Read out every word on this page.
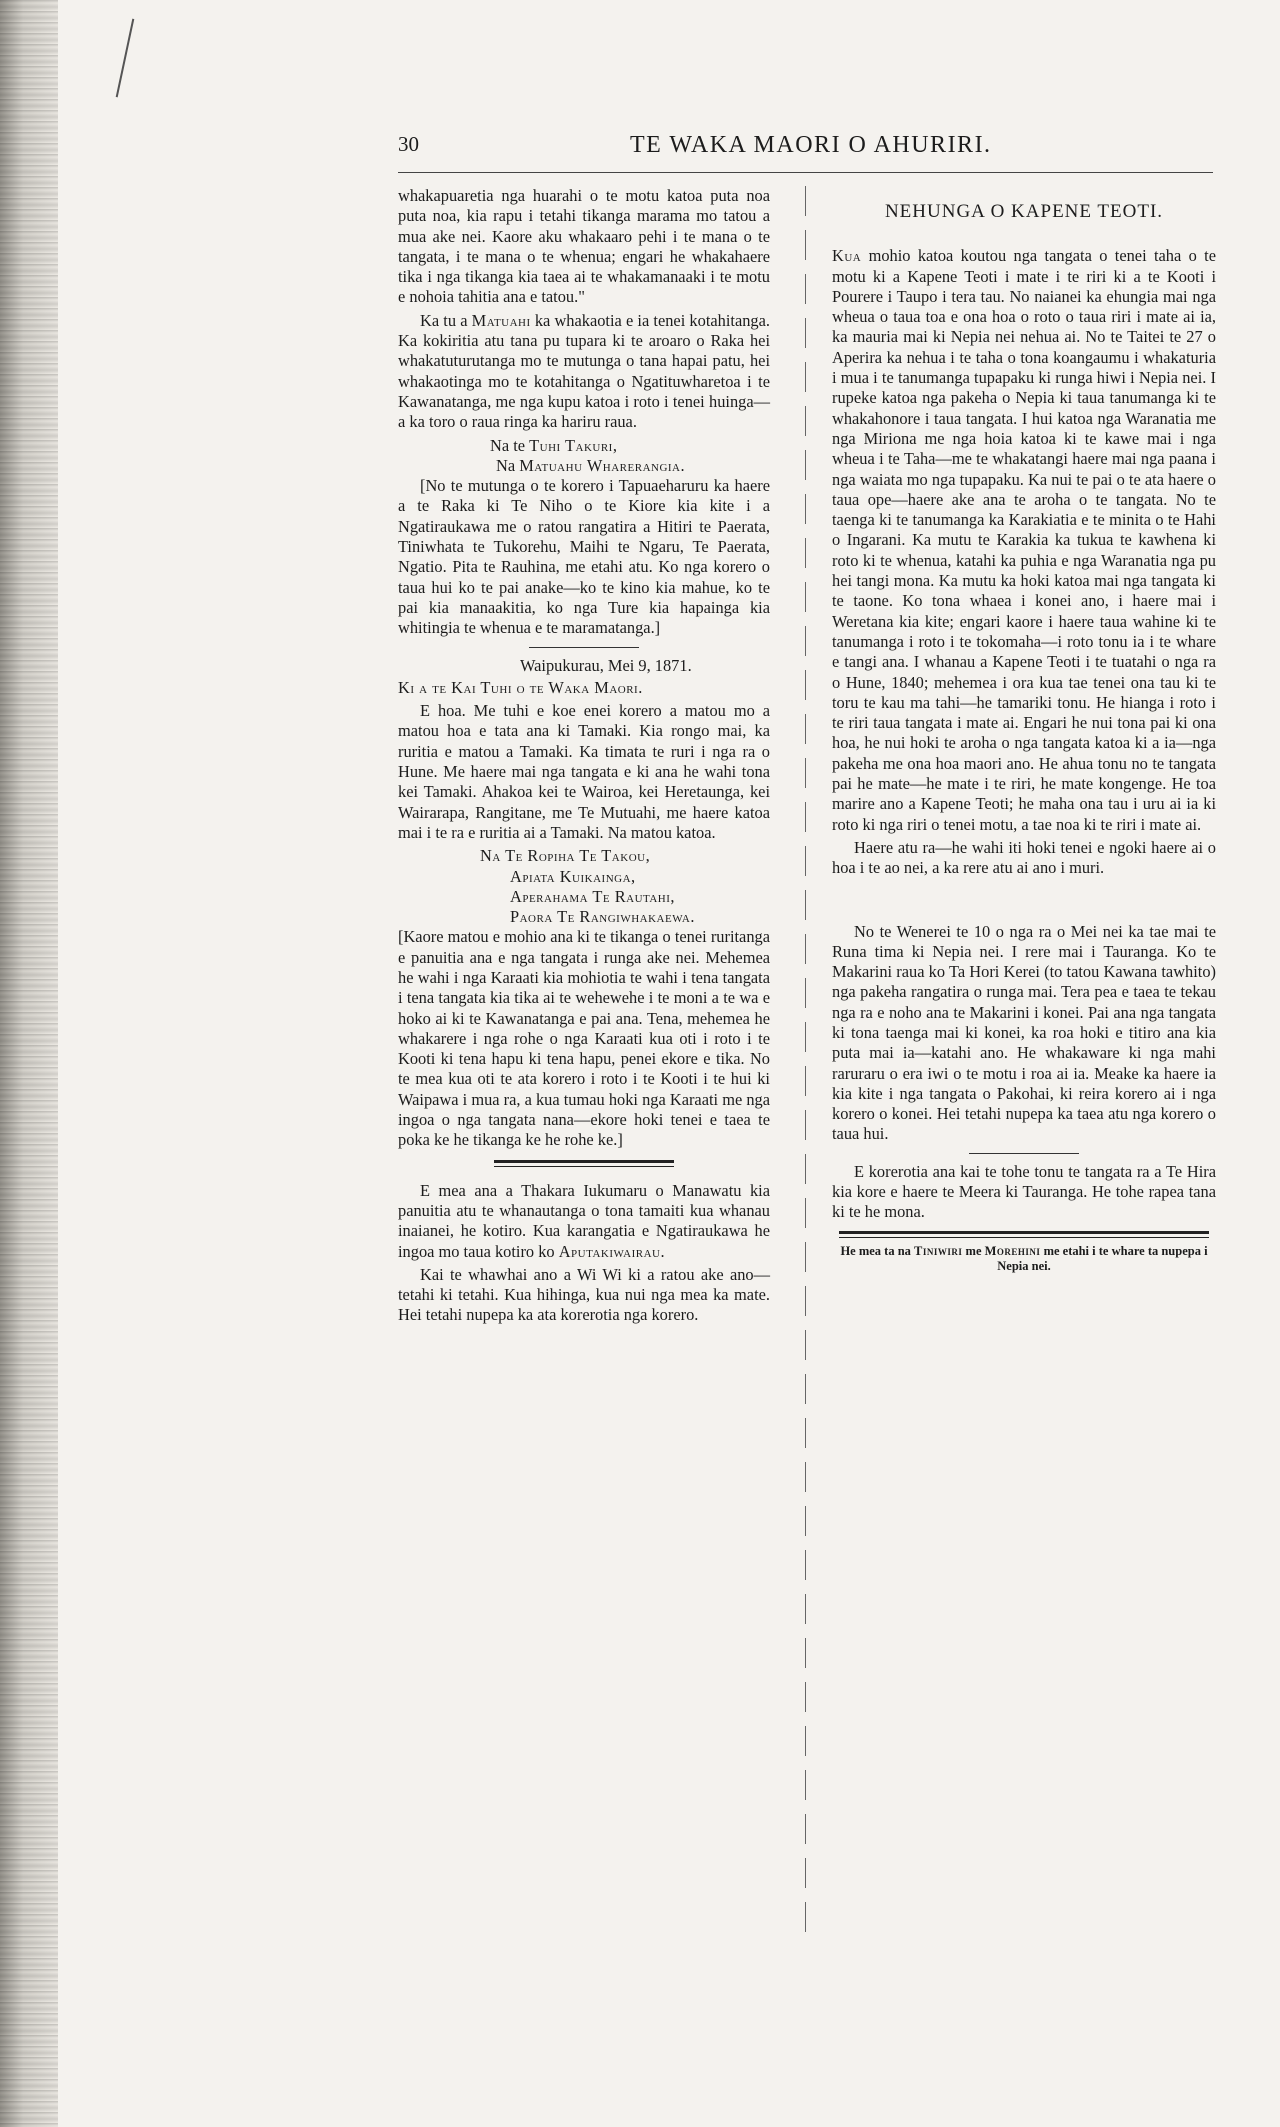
30	TE WAKA MAORI O AHURIRI.

whakapuaretia nga huarahi o te motu katoa puta noa puta noa, kia rapu i tetahi tikanga marama mo tatou a mua ake nei. Kaore aku whakaaro pehi i te mana o te tangata, i te mana o te whenua; engari he whakahaere tika i nga tikanga kia taea ai te whakamanaaki i te motu e nohoia tahitia ana e tatou."

Ka tu a Matuahi ka whakaotia e ia tenei kotahitanga. Ka kokiritia atu tana pu tupara ki te aroaro o Raka hei whakatuturutanga mo te mutunga o tana hapai patu, hei whakaotinga mo te kotahitanga o Ngatituwharetoa i te Kawanatanga, me nga kupu katoa i roto i tenei huinga—a ka toro o raua ringa ka hariru raua.

Na te Tuhi Takuri,

Na Matuahu Wharerangia.

[No te mutunga o te korero i Tapuaeharuru ka haere a te Raka ki Te Niho o te Kiore kia kite i a Ngatiraukawa me o ratou rangatira a Hitiri te Paerata, Tiniwhata te Tukorehu, Maihi te Ngaru, Te Paerata, Ngatio. Pita te Rauhina, me etahi atu. Ko nga korero o taua hui ko te pai anake—ko te kino kia mahue, ko te pai kia manaakitia, ko nga Ture kia hapainga kia whitingia te whenua e te maramatanga.]

Waipukurau, Mei 9, 1871.

Ki a te Kai Tuhi o te Waka Maori.

E hoa. Me tuhi e koe enei korero a matou mo a matou hoa e tata ana ki Tamaki. Kia rongo mai, ka ruritia e matou a Tamaki. Ka timata te ruri i nga ra o Hune. Me haere mai nga tangata e ki ana he wahi tona kei Tamaki. Ahakoa kei te Wairoa, kei Heretaunga, kei Wairarapa, Rangitane, me Te Mutuahi, me haere katoa mai i te ra e ruritia ai a Tamaki. Na matou katoa.

Na Te Ropiha Te Takou,

Apiata Kuikainga,

Aperahama Te Rautahi,

Paora Te Rangiwhakaewa.

[Kaore matou e mohio ana ki te tikanga o tenei ruritanga e panuitia ana e nga tangata i runga ake nei. Mehemea he wahi i nga Karaati kia mohiotia te wahi i tena tangata i tena tangata kia tika ai te wehewehe i te moni a te wa e hoko ai ki te Kawanatanga e pai ana. Tena, mehemea he whakarere i nga rohe o nga Karaati kua oti i roto i te Kooti ki tena hapu ki tena hapu, penei ekore e tika. No te mea kua oti te ata korero i roto i te Kooti i te hui ki Waipawa i mua ra, a kua tumau hoki nga Karaati me nga ingoa o nga tangata nana—ekore hoki tenei e taea te poka ke he tikanga ke he rohe ke.]

E mea ana a Thakara Iukumaru o Manawatu kia panuitia atu te whanautanga o tona tamaiti kua whanau inaianei, he kotiro. Kua karangatia e Ngatiraukawa he ingoa mo taua kotiro ko Aputakiwairau.

Kai te whawhai ano a Wi Wi ki a ratou ake ano—tetahi ki tetahi. Kua hihinga, kua nui nga mea ka mate. Hei tetahi nupepa ka ata korerotia nga korero.

NEHUNGA O KAPENE TEOTI.

Kua mohio katoa koutou nga tangata o tenei taha o te motu ki a Kapene Teoti i mate i te riri ki a te Kooti i Pourere i Taupo i tera tau. No naianei ka ehungia mai nga wheua o taua toa e ona hoa o roto o taua riri i mate ai ia, ka mauria mai ki Nepia nei nehua ai. No te Taitei te 27 o Aperira ka nehua i te taha o tona koangaumu i whakaturia i mua i te tanumanga tupapaku ki runga hiwi i Nepia nei. I rupeke katoa nga pakeha o Nepia ki taua tanumanga ki te whakahonore i taua tangata. I hui katoa nga Waranatia me nga Miriona me nga hoia katoa ki te kawe mai i nga wheua i te Taha—me te whakatangi haere mai nga paana i nga waiata mo nga tupapaku. Ka nui te pai o te ata haere o taua ope—haere ake ana te aroha o te tangata. No te taenga ki te tanumanga ka Karakiatia e te minita o te Hahi o Ingarani. Ka mutu te Karakia ka tukua te kawhena ki roto ki te whenua, katahi ka puhia e nga Waranatia nga pu hei tangi mona. Ka mutu ka hoki katoa mai nga tangata ki te taone. Ko tona whaea i konei ano, i haere mai i Weretana kia kite; engari kaore i haere taua wahine ki te tanumanga i roto i te tokomaha—i roto tonu ia i te whare e tangi ana. I whanau a Kapene Teoti i te tuatahi o nga ra o Hune, 1840; mehemea i ora kua tae tenei ona tau ki te toru te kau ma tahi—he tamariki tonu. He hianga i roto i te riri taua tangata i mate ai. Engari he nui tona pai ki ona hoa, he nui hoki te aroha o nga tangata katoa ki a ia—nga pakeha me ona hoa maori ano. He ahua tonu no te tangata pai he mate—he mate i te riri, he mate kongenge. He toa marire ano a Kapene Teoti; he maha ona tau i uru ai ia ki roto ki nga riri o tenei motu, a tae noa ki te riri i mate ai.

Haere atu ra—he wahi iti hoki tenei e ngoki haere ai o hoa i te ao nei, a ka rere atu ai ano i muri.

No te Wenerei te 10 o nga ra o Mei nei ka tae mai te Runa tima ki Nepia nei. I rere mai i Tauranga. Ko te Makarini raua ko Ta Hori Kerei (to tatou Kawana tawhito) nga pakeha rangatira o runga mai. Tera pea e taea te tekau nga ra e noho ana te Makarini i konei. Pai ana nga tangata ki tona taenga mai ki konei, ka roa hoki e titiro ana kia puta mai ia—katahi ano. He whakaware ki nga mahi raruraru o era iwi o te motu i roa ai ia. Meake ka haere ia kia kite i nga tangata o Pakohai, ki reira korero ai i nga korero o konei. Hei tetahi nupepa ka taea atu nga korero o taua hui.

E korerotia ana kai te tohe tonu te tangata ra a Te Hira kia kore e haere te Meera ki Tauranga. He tohe rapea tana ki te he mona.

He mea ta na Tiniwiri me Morehini me etahi i te whare ta nupepa i Nepia nei.
